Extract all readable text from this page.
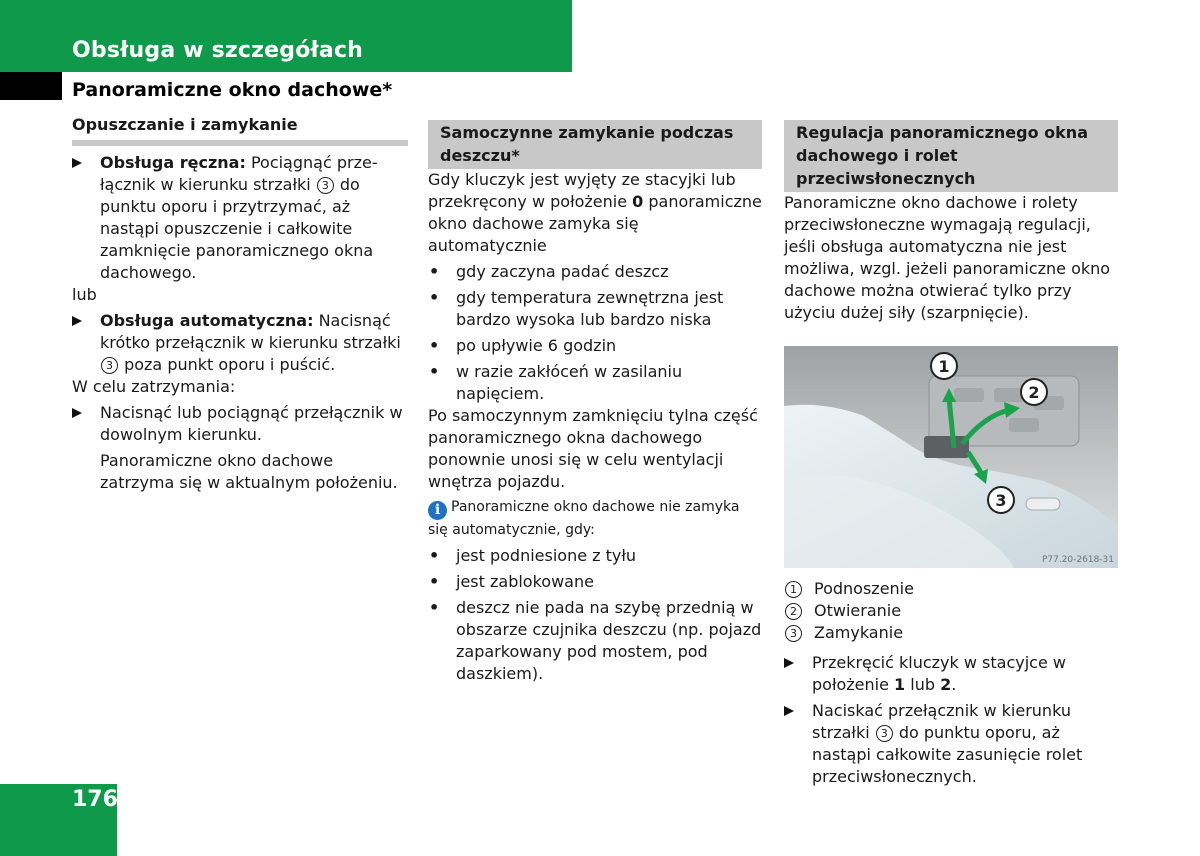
Obsługa w szczegółach
Panoramiczne okno dachowe*
Opuszczanie i zamykanie
Obsługa ręczna: Pociągnąć przełącznik w kierunku strzałki 3 do punktu oporu i przytrzymać, aż nastąpi opuszczenie i całkowite zamknięcie panoramicznego okna dachowego.
lub
Obsługa automatyczna: Nacisnąć krótko przełącznik w kierunku strzałki 3 poza punkt oporu i puścić.
W celu zatrzymania:
Nacisnąć lub pociągnąć przełącznik w dowolnym kierunku.
Panoramiczne okno dachowe zatrzyma się w aktualnym położeniu.
Samoczynne zamykanie podczas deszczu*
Gdy kluczyk jest wyjęty ze stacyjki lub przekręcony w położenie 0 panoramiczne okno dachowe zamyka się automatycznie
• gdy zaczyna padać deszcz
• gdy temperatura zewnętrzna jest bardzo wysoka lub bardzo niska
• po upływie 6 godzin
• w razie zakłóceń w zasilaniu napięciem.
Po samoczynnym zamknięciu tylna część panoramicznego okna dachowego ponownie unosi się w celu wentylacji wnętrza pojazdu.
i Panoramiczne okno dachowe nie zamyka się automatycznie, gdy:
• jest podniesione z tyłu
• jest zablokowane
• deszcz nie pada na szybę przednią w obszarze czujnika deszczu (np. pojazd zaparkowany pod mostem, pod daszkiem).
Regulacja panoramicznego okna dachowego i rolet przeciwsłonecznych
Panoramiczne okno dachowe i rolety przeciwsłoneczne wymagają regulacji, jeśli obsługa automatyczna nie jest możliwa, wzgl. jeżeli panoramiczne okno dachowe można otwierać tylko przy użyciu dużej siły (szarpnięcie).
1
2
3
P77.20-2618-31
1	Podnoszenie
2	Otwieranie
3	Zamykanie
Przekręcić kluczyk w stacyjce w położenie 1 lub 2.
Naciskać przełącznik w kierunku strzałki 3 do punktu oporu, aż nastąpi całkowite zasunięcie rolet przeciwsłonecznych.
176
